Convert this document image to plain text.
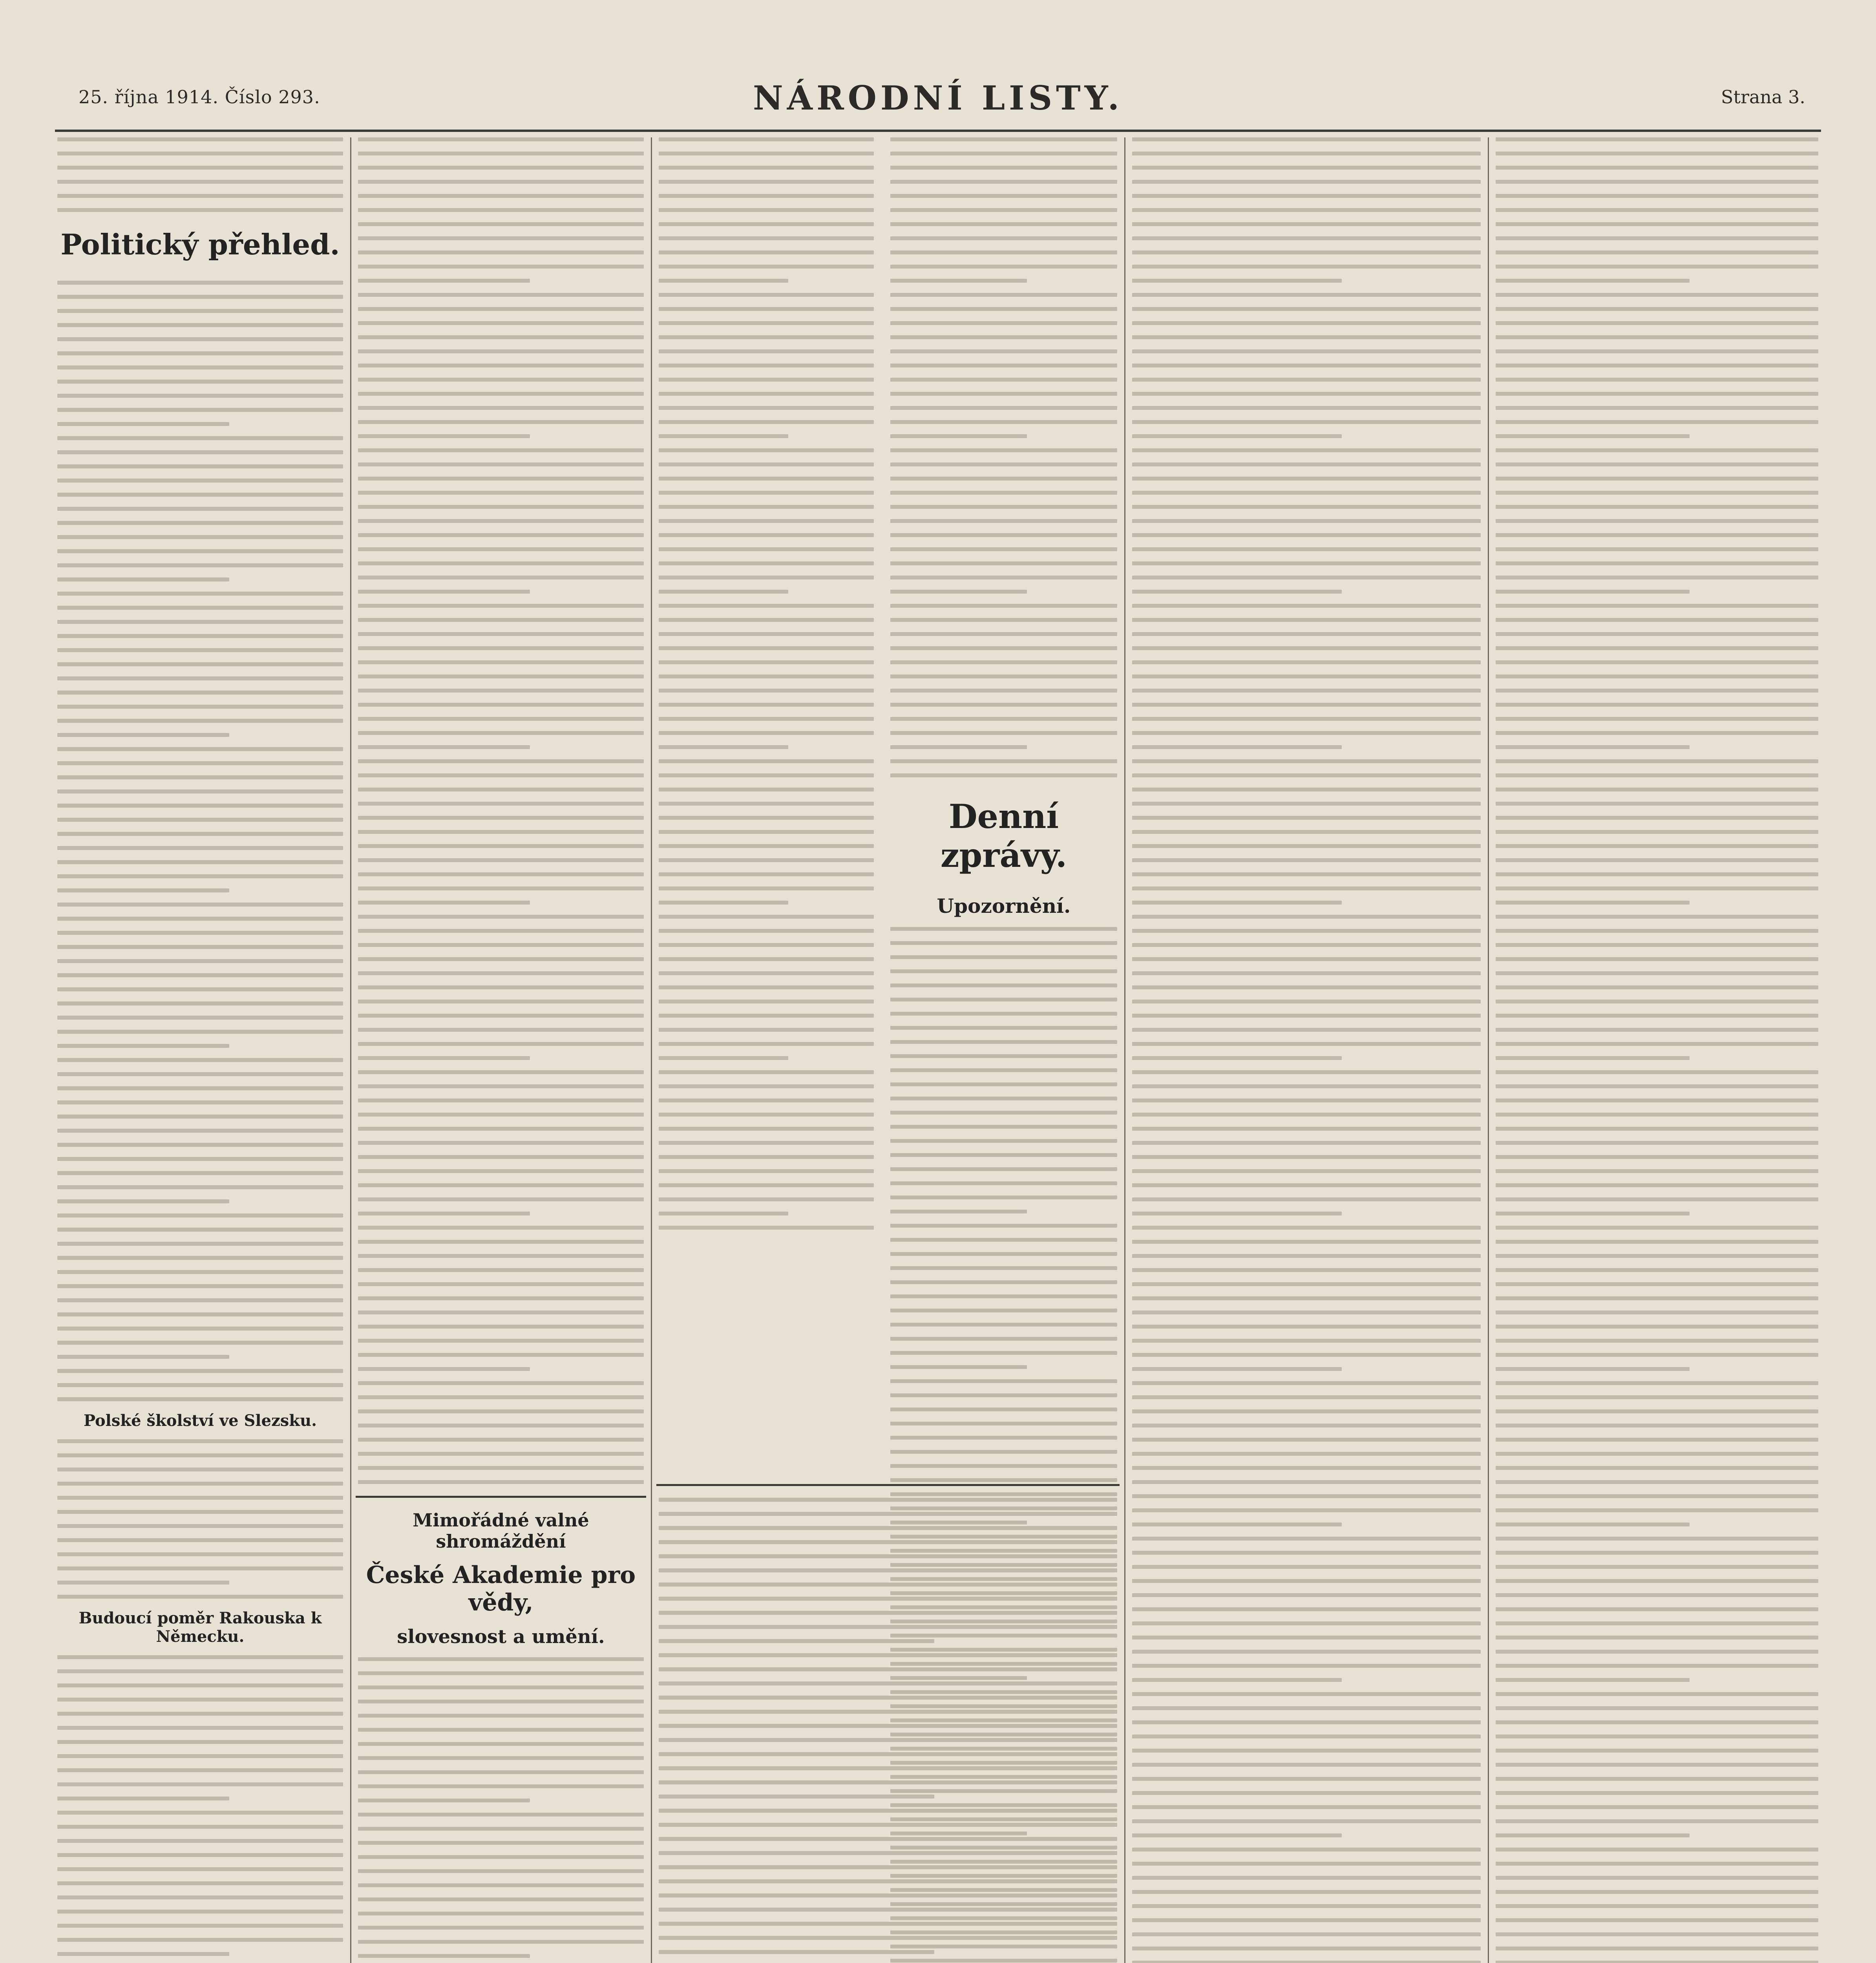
25. října 1914. Číslo 293.	NÁRODNÍ LISTY.	Strana 3.
Politický přehled.
Polské školství ve Slezsku.
Budoucí poměr Rakouska k Německu.
Mimořádné valné shromáždění
České Akademie pro vědy,
slovesnost a umění.
Denní zprávy.
Upozornění.
